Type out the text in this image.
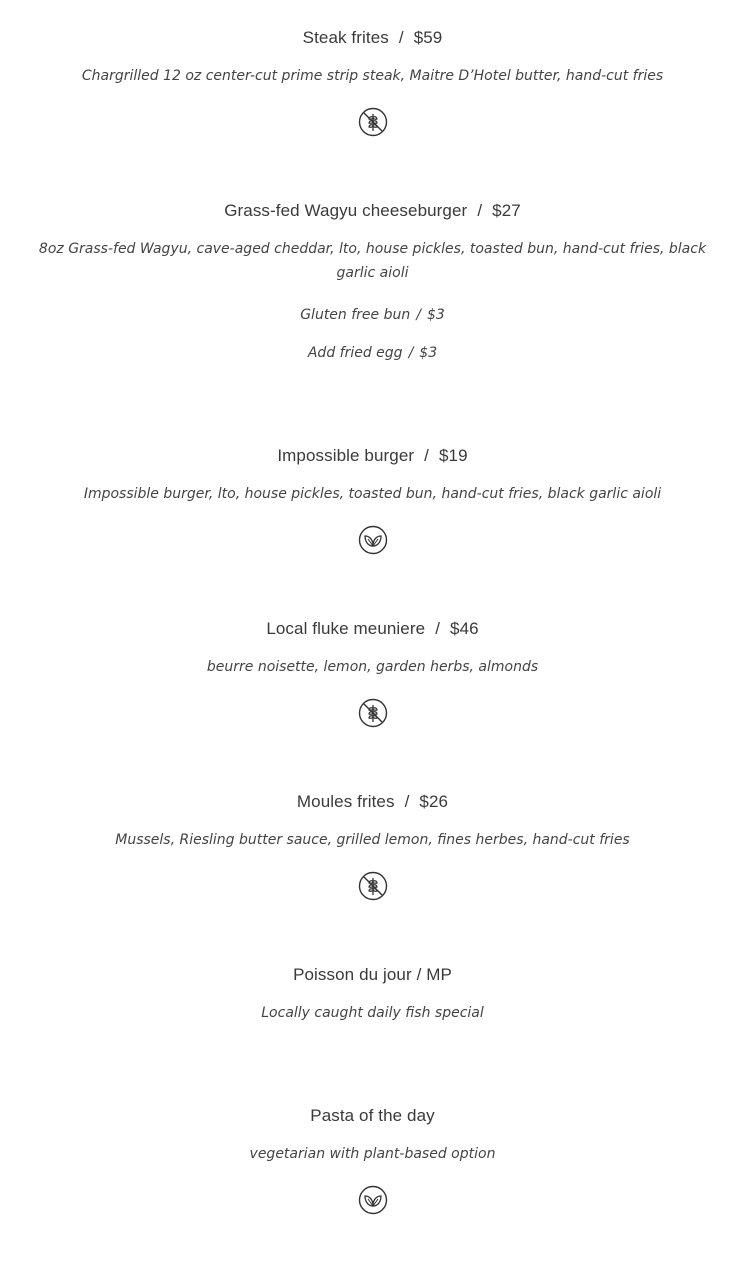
Steak frites / $59
Chargrilled 12 oz center-cut prime strip steak, Maitre D’Hotel butter, hand-cut fries
Grass-fed Wagyu cheeseburger / $27
8oz Grass-fed Wagyu, cave-aged cheddar, lto, house pickles, toasted bun, hand-cut fries, black garlic aioli
Gluten free bun / $3
Add fried egg / $3
Impossible burger / $19
Impossible burger, lto, house pickles, toasted bun, hand-cut fries, black garlic aioli
Local fluke meuniere / $46
beurre noisette, lemon, garden herbs, almonds
Moules frites / $26
Mussels, Riesling butter sauce, grilled lemon, fines herbes, hand-cut fries
Poisson du jour / MP
Locally caught daily fish special
Pasta of the day
vegetarian with plant-based option
